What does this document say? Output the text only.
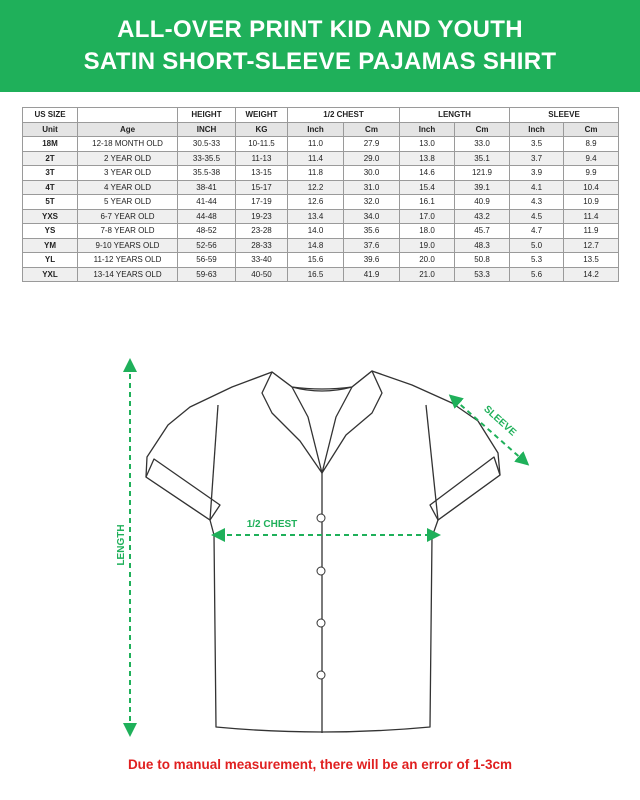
ALL-OVER PRINT KID AND YOUTH
SATIN SHORT-SLEEVE PAJAMAS SHIRT
US SIZE		HEIGHT	WEIGHT	1/2 CHEST		LENGTH		SLEEVE	
Unit	Age	INCH	KG	Inch	Cm	Inch	Cm	Inch	Cm
18M	12-18 MONTH OLD	30.5-33	10-11.5	11.0	27.9	13.0	33.0	3.5	8.9
2T	2 YEAR OLD	33-35.5	11-13	11.4	29.0	13.8	35.1	3.7	9.4
3T	3 YEAR OLD	35.5-38	13-15	11.8	30.0	14.6	121.9	3.9	9.9
4T	4 YEAR OLD	38-41	15-17	12.2	31.0	15.4	39.1	4.1	10.4
5T	5 YEAR OLD	41-44	17-19	12.6	32.0	16.1	40.9	4.3	10.9
YXS	6-7 YEAR OLD	44-48	19-23	13.4	34.0	17.0	43.2	4.5	11.4
YS	7-8 YEAR OLD	48-52	23-28	14.0	35.6	18.0	45.7	4.7	11.9
YM	9-10 YEARS OLD	52-56	28-33	14.8	37.6	19.0	48.3	5.0	12.7
YL	11-12 YEARS OLD	56-59	33-40	15.6	39.6	20.0	50.8	5.3	13.5
YXL	13-14 YEARS OLD	59-63	40-50	16.5	41.9	21.0	53.3	5.6	14.2
LENGTH	1/2 CHEST
SLEEVE
Due to manual measurement, there will be an error of 1-3cm
